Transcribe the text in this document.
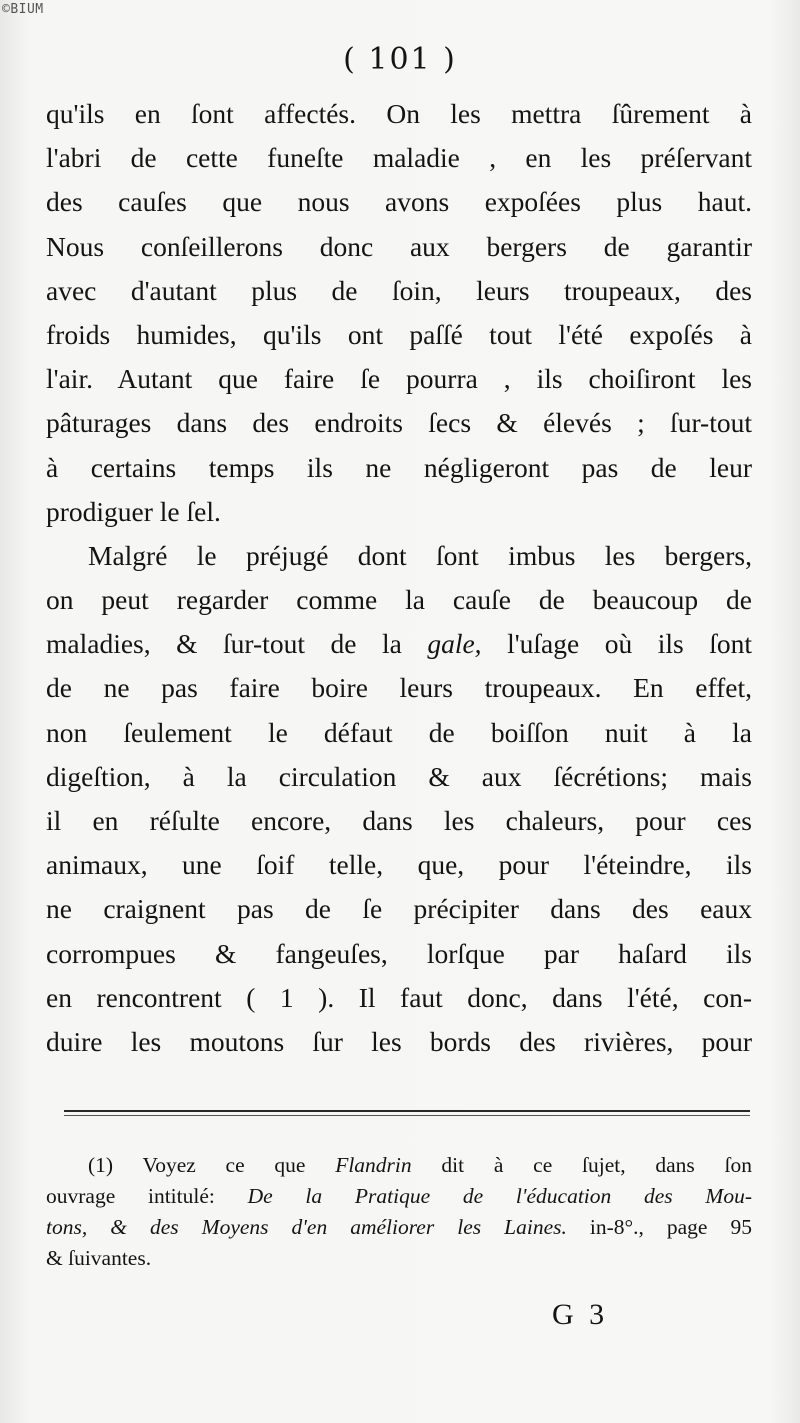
©BIUM
( 101 )
qu'ils en ſont affectés. On les mettra ſûrement à
l'abri de cette funeſte maladie , en les préſervant
des cauſes que nous avons expoſées plus haut.
Nous conſeillerons donc aux bergers de garantir
avec d'autant plus de ſoin, leurs troupeaux, des
froids humides, qu'ils ont paſſé tout l'été expoſés à
l'air. Autant que faire ſe pourra , ils choiſiront les
pâturages dans des endroits ſecs & élevés ; ſur-tout
à certains temps ils ne négligeront pas de leur
prodiguer le ſel.
Malgré le préjugé dont ſont imbus les bergers,
on peut regarder comme la cauſe de beaucoup de
maladies, & ſur-tout de la gale, l'uſage où ils ſont
de ne pas faire boire leurs troupeaux. En effet,
non ſeulement le défaut de boiſſon nuit à la
digeſtion, à la circulation & aux ſécrétions; mais
il en réſulte encore, dans les chaleurs, pour ces
animaux, une ſoif telle, que, pour l'éteindre, ils
ne craignent pas de ſe précipiter dans des eaux
corrompues & fangeuſes, lorſque par haſard ils
en rencontrent ( 1 ). Il faut donc, dans l'été, con-
duire les moutons ſur les bords des rivières, pour
(1) Voyez ce que Flandrin dit à ce ſujet, dans ſon
ouvrage intitulé: De la Pratique de l'éducation des Mou-
tons, & des Moyens d'en améliorer les Laines. in-8°., page 95
& ſuivantes.
G 3
